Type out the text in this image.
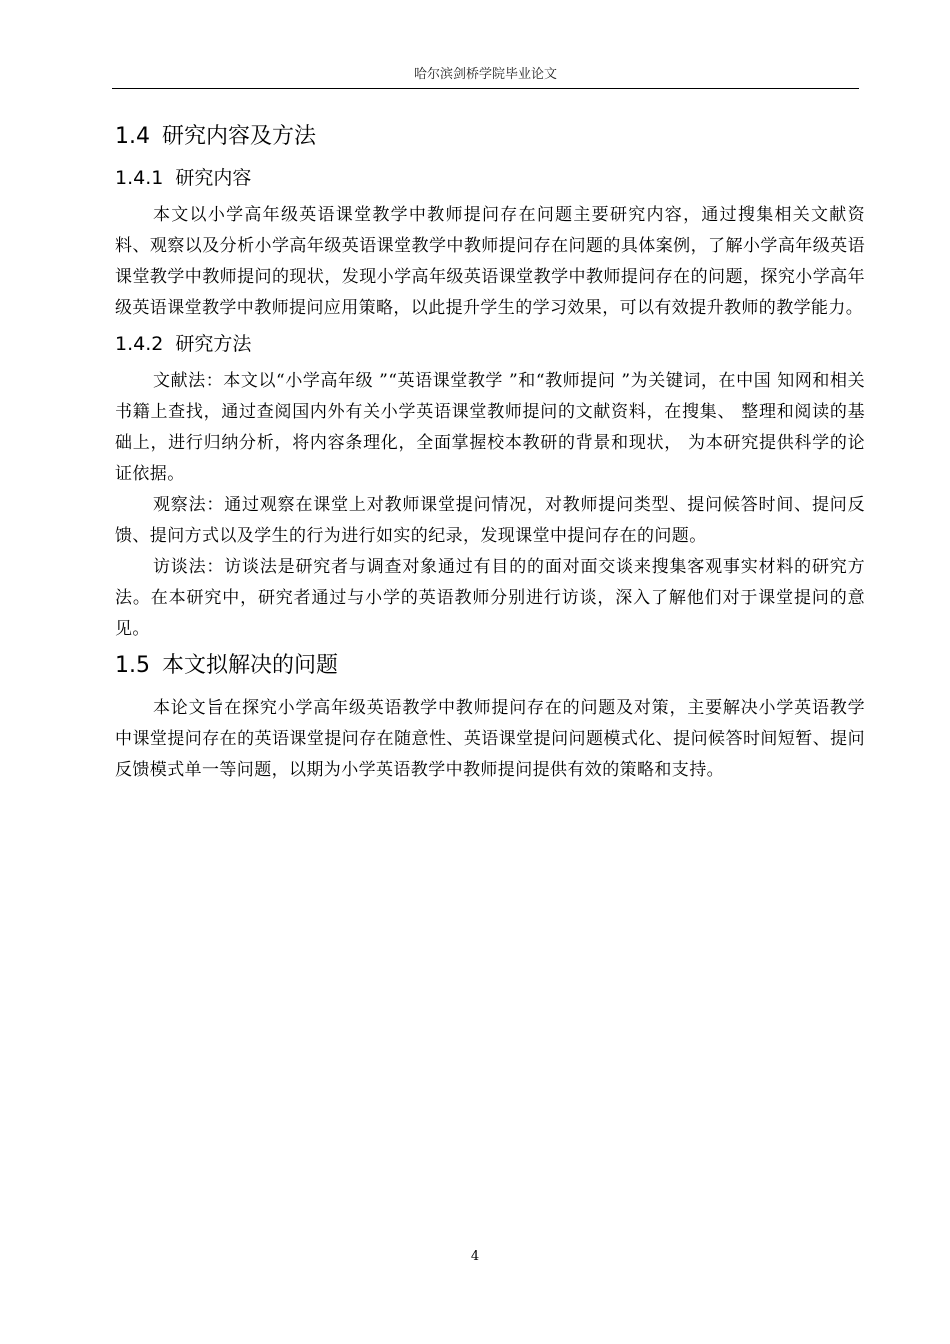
哈尔滨剑桥学院毕业论文
1.4 研究内容及方法
1.4.1 研究内容

本文以小学高年级英语课堂教学中教师提问存在问题主要研究内容，通过搜集相关文献资料、观察以及分析小学高年级英语课堂教学中教师提问存在问题的具体案例，了解小学高年级英语课堂教学中教师提问的现状，发现小学高年级英语课堂教学中教师提问存在的问题，探究小学高年级英语课堂教学中教师提问应用策略，以此提升学生的学习效果，可以有效提升教师的教学能力。

1.4.2 研究方法

文献法：本文以“小学高年级 ”“英语课堂教学 ”和“教师提问 ”为关键词，在中国 知网和相关书籍上查找，通过查阅国内外有关小学英语课堂教师提问的文献资料，在搜集、 整理和阅读的基础上，进行归纳分析，将内容条理化，全面掌握校本教研的背景和现状， 为本研究提供科学的论证依据。

观察法：通过观察在课堂上对教师课堂提问情况，对教师提问类型、提问候答时间、提问反馈、提问方式以及学生的行为进行如实的纪录，发现课堂中提问存在的问题。

访谈法：访谈法是研究者与调查对象通过有目的的面对面交谈来搜集客观事实材料的研究方法。在本研究中，研究者通过与小学的英语教师分别进行访谈，深入了解他们对于课堂提问的意见。

1.5 本文拟解决的问题

本论文旨在探究小学高年级英语教学中教师提问存在的问题及对策，主要解决小学英语教学中课堂提问存在的英语课堂提问存在随意性、英语课堂提问问题模式化、提问候答时间短暂、提问反馈模式单一等问题，以期为小学英语教学中教师提问提供有效的策略和支持。

4
